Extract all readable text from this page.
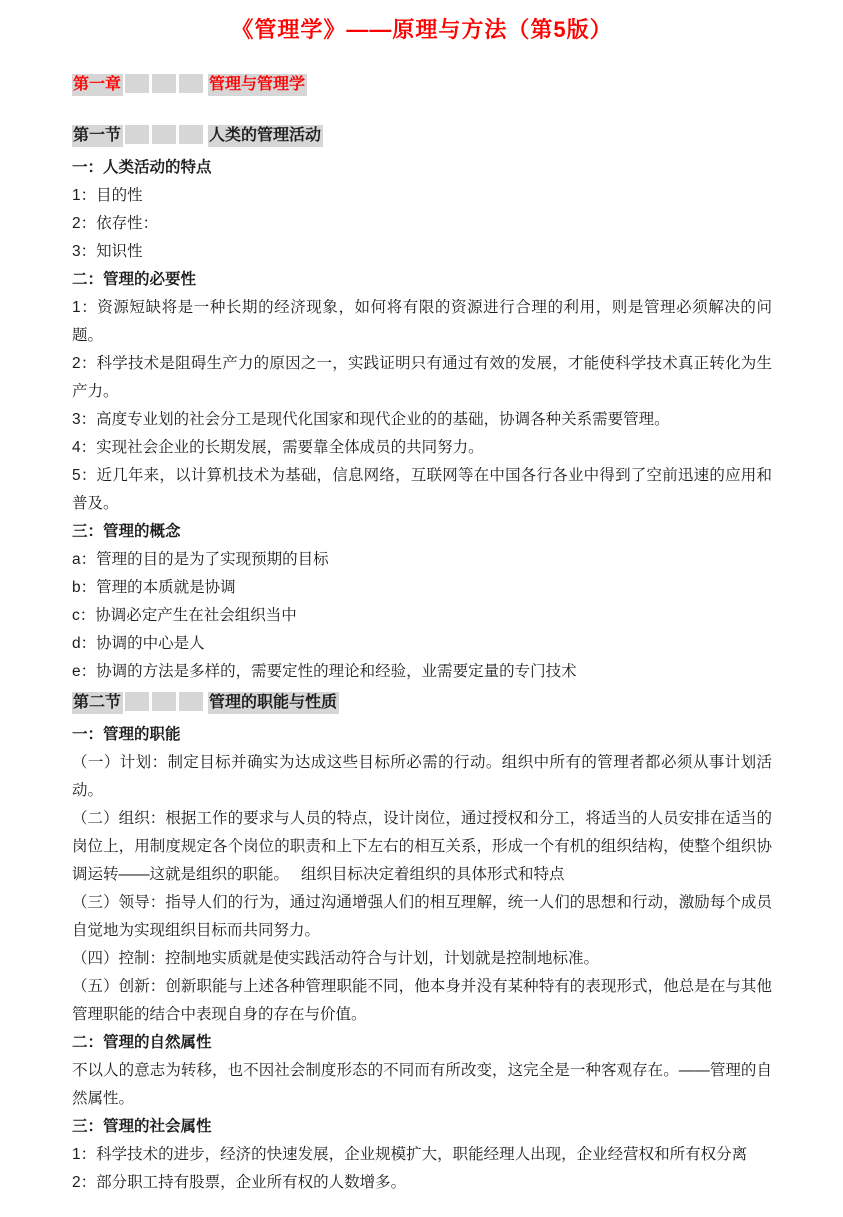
《管理学》——原理与方法（第5版）
第一章	管理与管理学
第一节	人类的管理活动
一：人类活动的特点

1：目的性

2：依存性：

3：知识性

二：管理的必要性

1：资源短缺将是一种长期的经济现象，如何将有限的资源进行合理的利用，则是管理必须解决的问题。

2：科学技术是阻碍生产力的原因之一，实践证明只有通过有效的发展，才能使科学技术真正转化为生产力。

3：高度专业划的社会分工是现代化国家和现代企业的的基础，协调各种关系需要管理。

4：实现社会企业的长期发展，需要靠全体成员的共同努力。

5：近几年来，以计算机技术为基础，信息网络，互联网等在中国各行各业中得到了空前迅速的应用和普及。

三：管理的概念

a：管理的目的是为了实现预期的目标

b：管理的本质就是协调

c：协调必定产生在社会组织当中

d：协调的中心是人

e：协调的方法是多样的，需要定性的理论和经验，业需要定量的专门技术

第二节	管理的职能与性质
一：管理的职能

（一）计划：制定目标并确实为达成这些目标所必需的行动。组织中所有的管理者都必须从事计划活动。

（二）组织：根据工作的要求与人员的特点，设计岗位，通过授权和分工，将适当的人员安排在适当的岗位上，用制度规定各个岗位的职责和上下左右的相互关系，形成一个有机的组织结构，使整个组织协调运转——这就是组织的职能。　 组织目标决定着组织的具体形式和特点

（三）领导：指导人们的行为，通过沟通增强人们的相互理解，统一人们的思想和行动，激励每个成员自觉地为实现组织目标而共同努力。

（四）控制：控制地实质就是使实践活动符合与计划，计划就是控制地标准。

（五）创新：创新职能与上述各种管理职能不同，他本身并没有某种特有的表现形式，他总是在与其他管理职能的结合中表现自身的存在与价值。

二：管理的自然属性

不以人的意志为转移，也不因社会制度形态的不同而有所改变，这完全是一种客观存在。——管理的自然属性。

三：管理的社会属性

1：科学技术的进步，经济的快速发展，企业规模扩大，职能经理人出现，企业经营权和所有权分离

2：部分职工持有股票，企业所有权的人数增多。
